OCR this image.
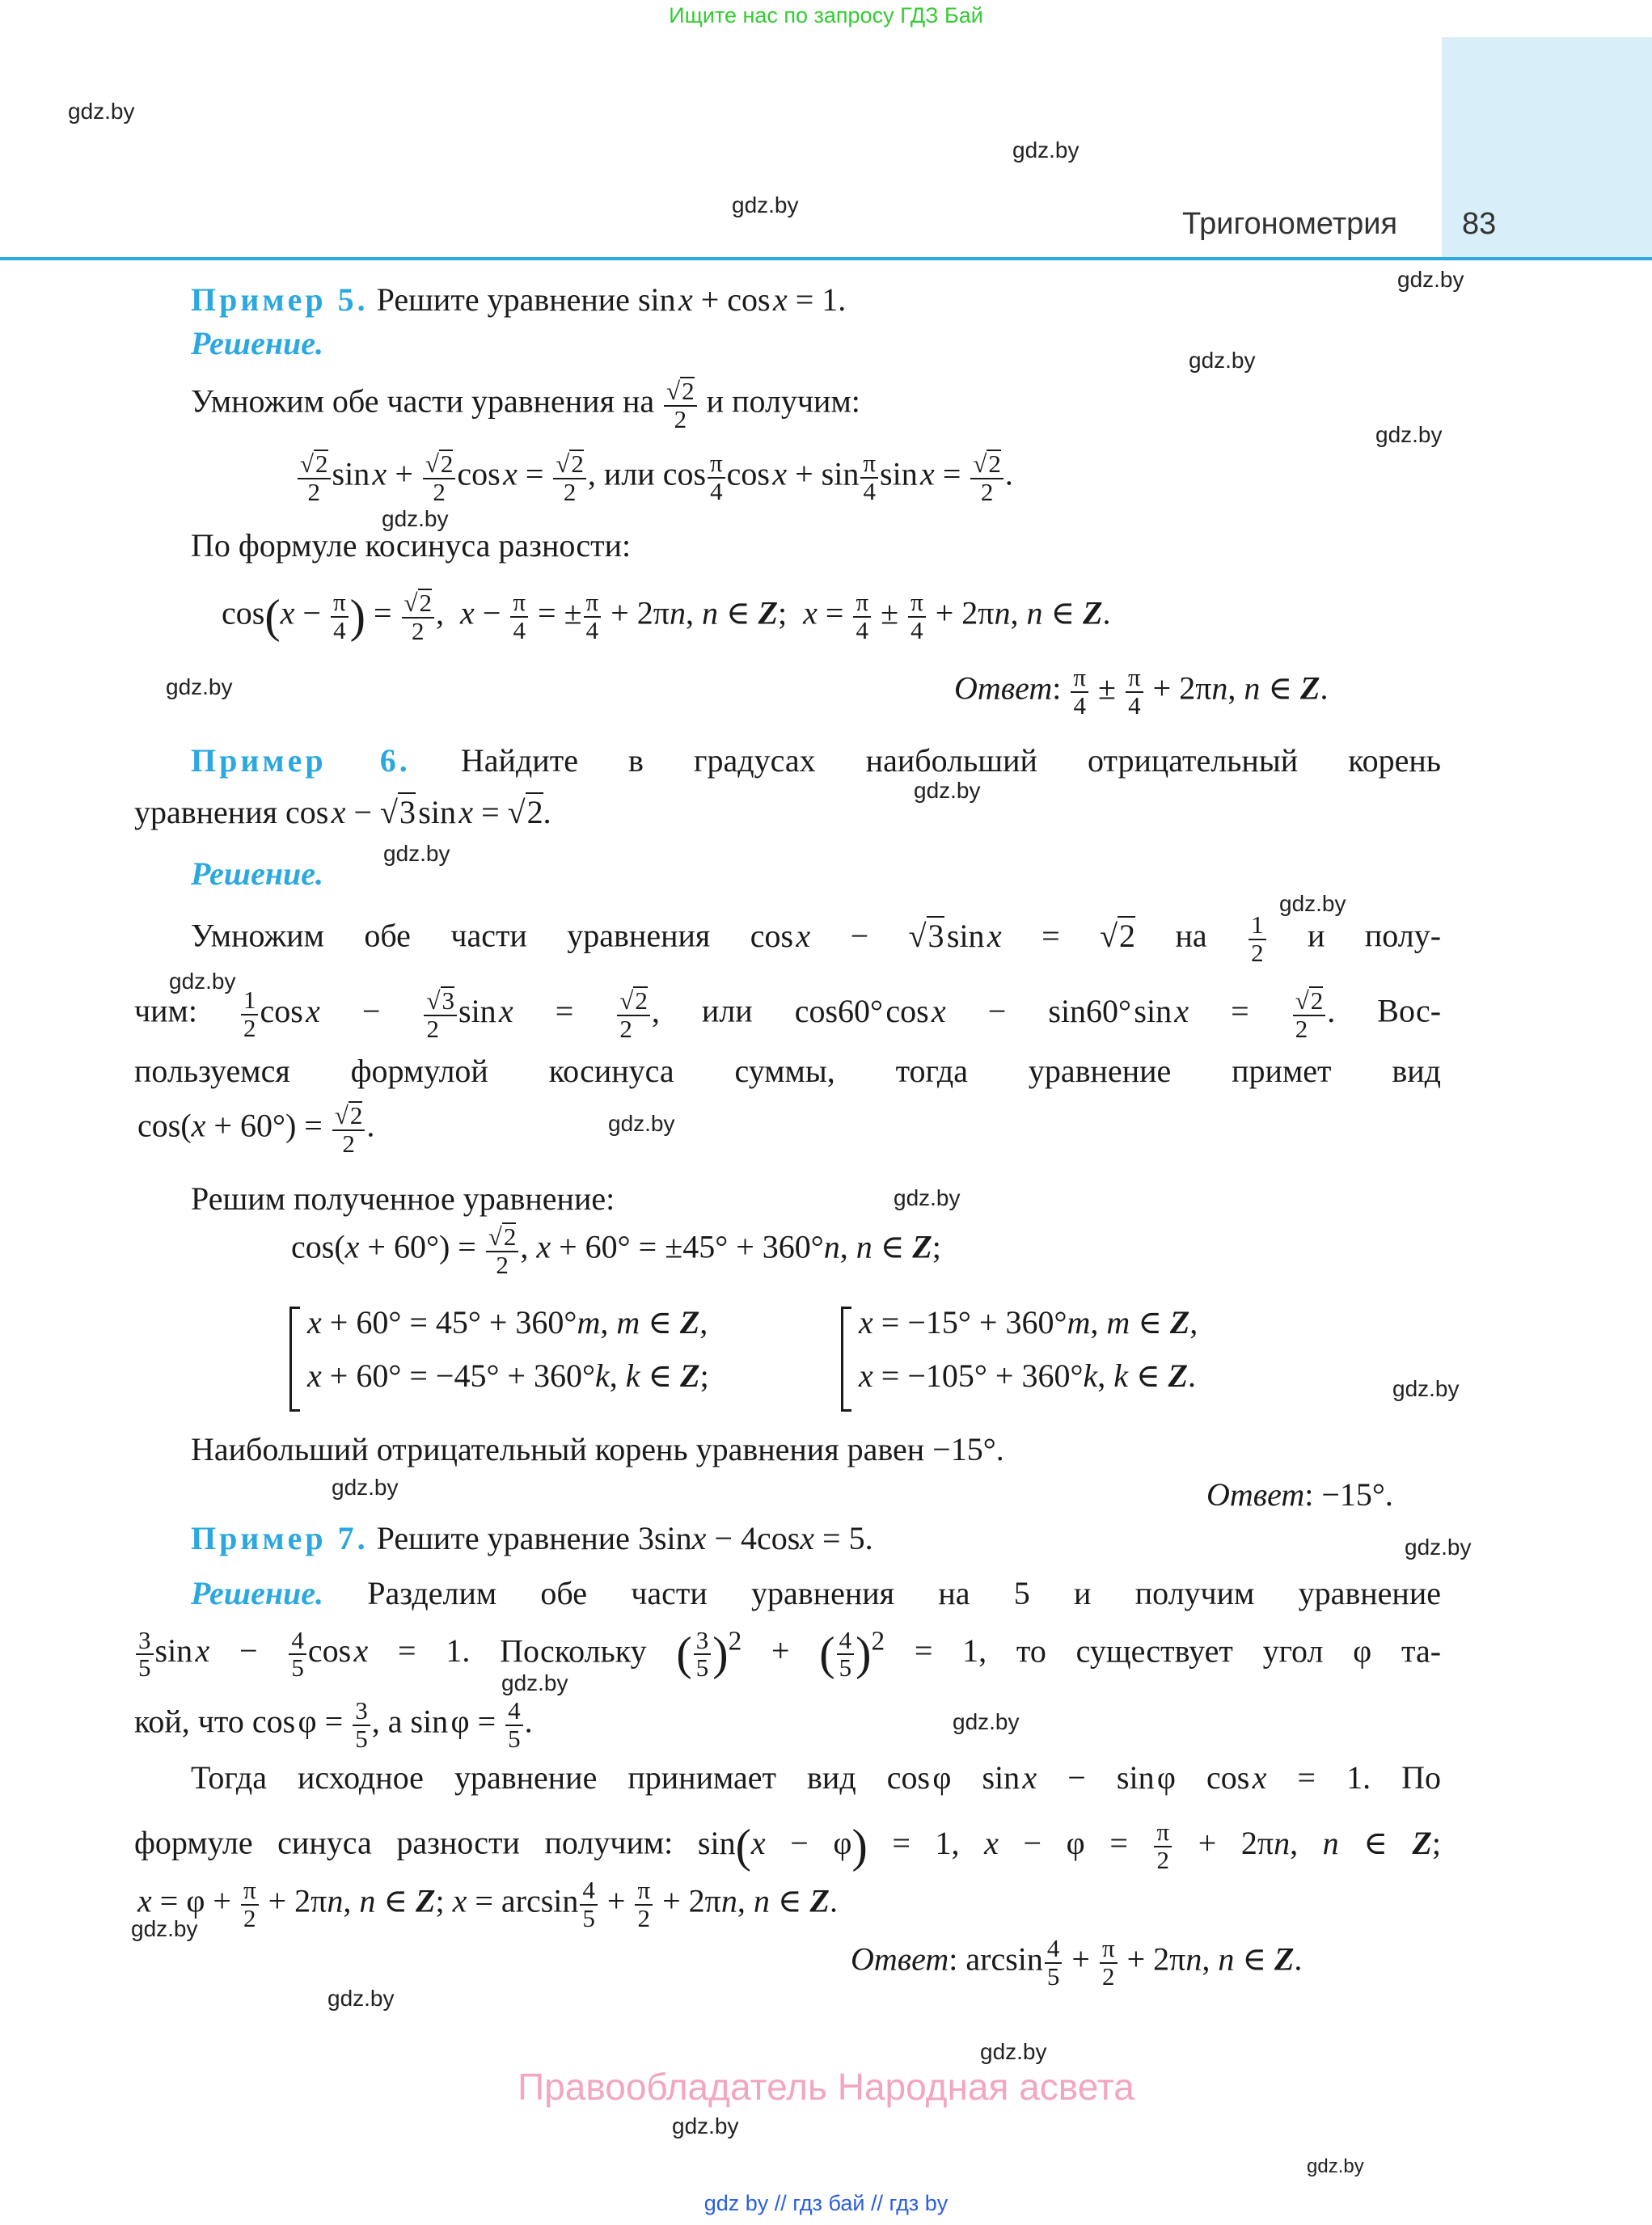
Ищите нас по запросу ГДЗ Бай
Тригонометрия 83
gdz.by
gdz.by
gdz.by
gdz.by
gdz.by
gdz.by
gdz.by
gdz.by
gdz.by
gdz.by
gdz.by
gdz.by
gdz.by
gdz.by
gdz.by
gdz.by
gdz.by
gdz.by
gdz.by
gdz.by
gdz.by
gdz.by
gdz.by
gdz.by
Пример 5. Решите уравнение sin x + cos x = 1.
Решение.
Умножим обе части уравнения на $\frac{√2}{2}$ и получим:
$\frac{√2}{2}$ sin $x + \frac{√2}{2}$ cos $x = \frac{√2}{2}$ , или $\cos \frac{\pi}{4}$ cos $x + \sin \frac{\pi}{4}$ sin $x = \frac{√2}{2}$ .
По формуле косинуса разности:
$\cos(x - \frac{\pi}{4}$ ) = $\frac{√2}{2}$ ,  $x - \frac{\pi}{4}$ = ± $\frac{\pi}{4} + 2\pi n$, n ∈ Z;  $x = \frac{\pi}{4} \pm \frac{\pi}{4} + 2\pi n$, n ∈ Z.
Ответ: $\frac{\pi}{4} \pm \frac{\pi}{4} + 2\pi n$, n ∈ Z.
Пример 6. Найдите в градусах наибольший отрицательный корень
уравнения cos x − √3 sin x = √2.
Решение.
Умножим обе части уравнения cos x − √3 sin x = √2 на $\frac{1}{2}$ и полу-
чим: $\frac{1}{2}$ cos $x - \frac{√3}{2}$ sin $x = \frac{√2}{2}$ , или cos60° cos x − sin60° sin $x = \frac{√2}{2}$ . Вос-
пользуемся формулой косинуса суммы, тогда уравнение примет вид
$\cos(x + 60^\circ) = \frac{√2}{2}$ .
Решим полученное уравнение:
$\cos(x + 60^\circ) = \frac{√2}{2}$ , x + 60° = ±45° + 360°n, n ∈ Z;
x + 60° = 45° + 360°m, m ∈ Z,
x + 60° = −45° + 360°k, k ∈ Z;
x = −15° + 360°m, m ∈ Z,
x = −105° + 360°k, k ∈ Z.
Наибольший отрицательный корень уравнения равен −15°.
Ответ: −15°.
Пример 7. Решите уравнение 3sinx − 4cosx = 5.
Решение. Разделим обе части уравнения на 5 и получим уравнение
$\frac{3}{5}$ sin $x - \frac{4}{5}$ cos x = 1. Поскольку ( $\frac{3}{5} )^2$ + ( $\frac{4}{5} )^2 = 1$, то существует угол φ та-
кой, что cos $\varphi = \frac{3}{5}$ , а sin $\varphi = \frac{4}{5}$ .
Тогда исходное уравнение принимает вид cos φ sin x − sin φ cos x = 1. По
формуле синуса разности получим: sin(x − φ) = 1, $x - \varphi = \frac{\pi}{2} + 2\pi n$, n ∈ Z;
$x = \varphi + \frac{\pi}{2} + 2\pi n$, n ∈ Z; $x = \arcsin \frac{4}{5} + \frac{\pi}{2} + 2\pi n$, n ∈ Z.
Ответ: $\arcsin \frac{4}{5} + \frac{\pi}{2} + 2\pi n$, n ∈ Z.
Правообладатель Народная асвета
gdz by // гдз бай // гдз by
